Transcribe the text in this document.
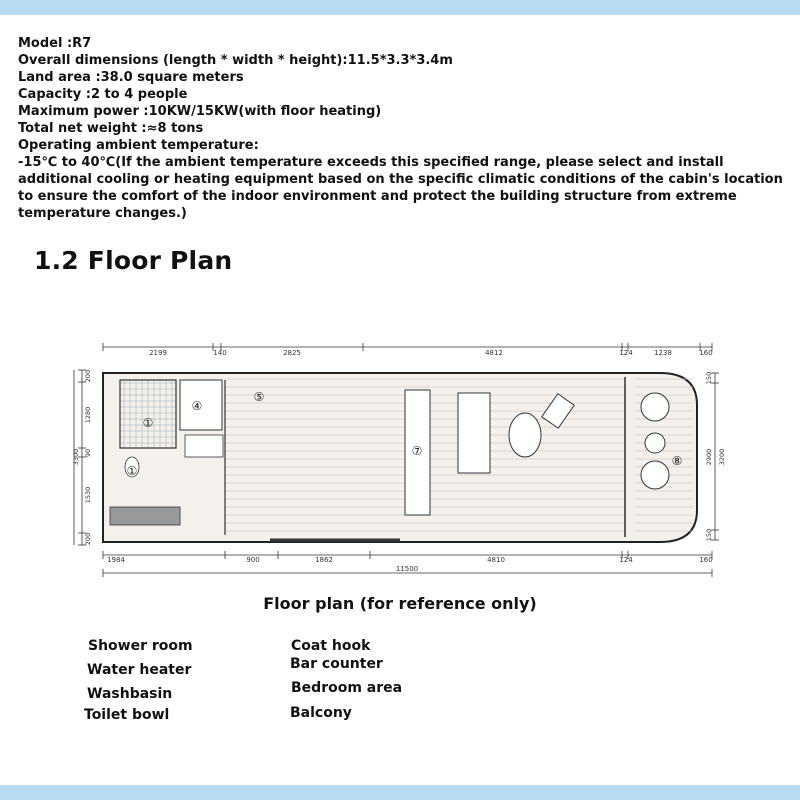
Model :R7
Overall dimensions (length * width * height):11.5*3.3*3.4m
Land area :38.0 square meters
Capacity :2 to 4 people
Maximum power :10KW/15KW(with floor heating)
Total net weight :≈8 tons
Operating ambient temperature:
-15℃ to 40℃(If the ambient temperature exceeds this specified range, please select and install additional cooling or heating equipment based on the specific climatic conditions of the cabin's location to ensure the comfort of the indoor environment and protect the building structure from extreme temperature changes.)
1.2 Floor Plan
2199	140	2825	4812	124	1238	160
1984	900	1862	4810	124	160
11500
200
1280
90
1530
200
3300
150
2900
150
3200
①
①
④
⑤
⑦
⑧
Floor plan (for reference only)
Shower room
Water heater
Washbasin
Toilet bowl
Coat hook
Bar counter
Bedroom area
Balcony
